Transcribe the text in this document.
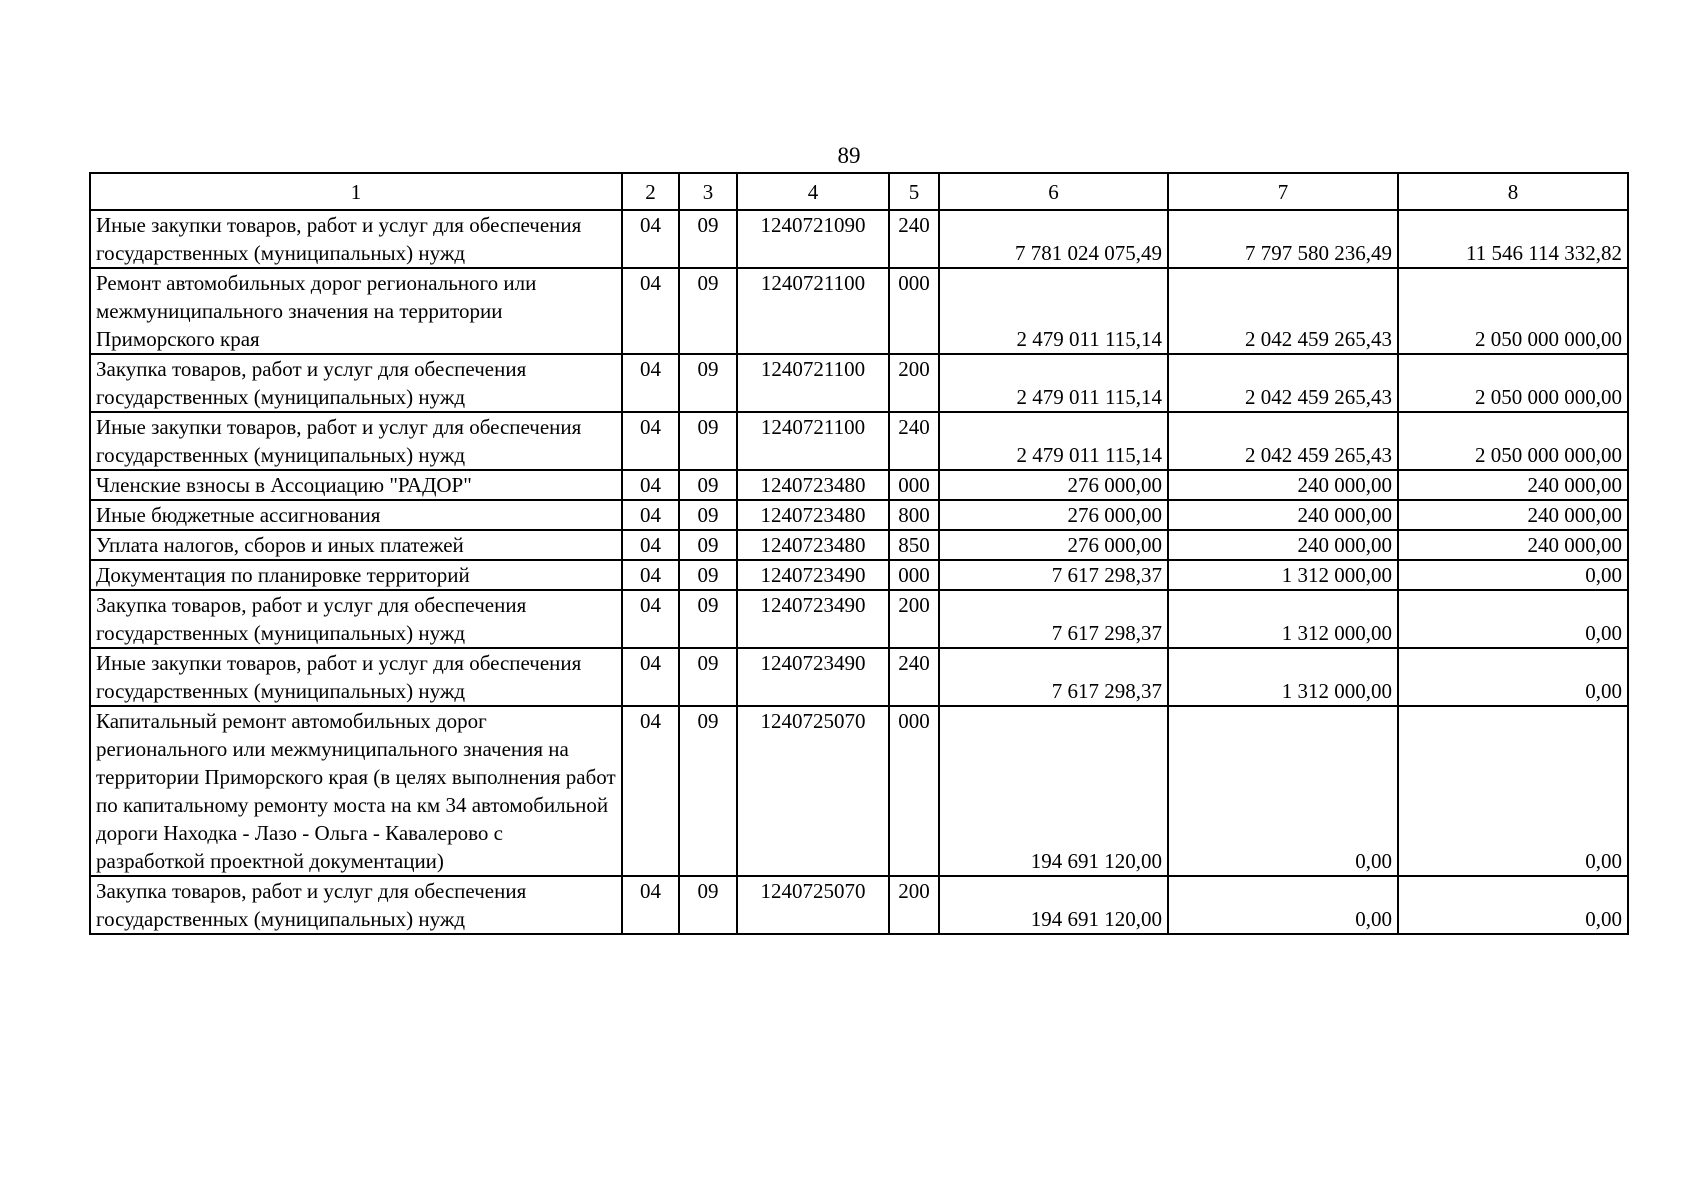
89
1	2	3	4	5	6	7	8
Иные закупки товаров, работ и услуг для обеспечения государственных (муниципальных) нужд	04	09	1240721090	240	7 781 024 075,49	7 797 580 236,49	11 546 114 332,82
Ремонт автомобильных дорог регионального или межмуниципального значения на территории Приморского края	04	09	1240721100	000	2 479 011 115,14	2 042 459 265,43	2 050 000 000,00
Закупка товаров, работ и услуг для обеспечения государственных (муниципальных) нужд	04	09	1240721100	200	2 479 011 115,14	2 042 459 265,43	2 050 000 000,00
Иные закупки товаров, работ и услуг для обеспечения государственных (муниципальных) нужд	04	09	1240721100	240	2 479 011 115,14	2 042 459 265,43	2 050 000 000,00
Членские взносы в Ассоциацию "РАДОР"	04	09	1240723480	000	276 000,00	240 000,00	240 000,00
Иные бюджетные ассигнования	04	09	1240723480	800	276 000,00	240 000,00	240 000,00
Уплата налогов, сборов и иных платежей	04	09	1240723480	850	276 000,00	240 000,00	240 000,00
Документация по планировке территорий	04	09	1240723490	000	7 617 298,37	1 312 000,00	0,00
Закупка товаров, работ и услуг для обеспечения государственных (муниципальных) нужд	04	09	1240723490	200	7 617 298,37	1 312 000,00	0,00
Иные закупки товаров, работ и услуг для обеспечения государственных (муниципальных) нужд	04	09	1240723490	240	7 617 298,37	1 312 000,00	0,00
Капитальный ремонт автомобильных дорог регионального или межмуниципального значения на территории Приморского края (в целях выполнения работ по капитальному ремонту моста на км 34 автомобильной дороги Находка - Лазо - Ольга - Кавалерово с разработкой проектной документации)	04	09	1240725070	000	194 691 120,00	0,00	0,00
Закупка товаров, работ и услуг для обеспечения государственных (муниципальных) нужд	04	09	1240725070	200	194 691 120,00	0,00	0,00
